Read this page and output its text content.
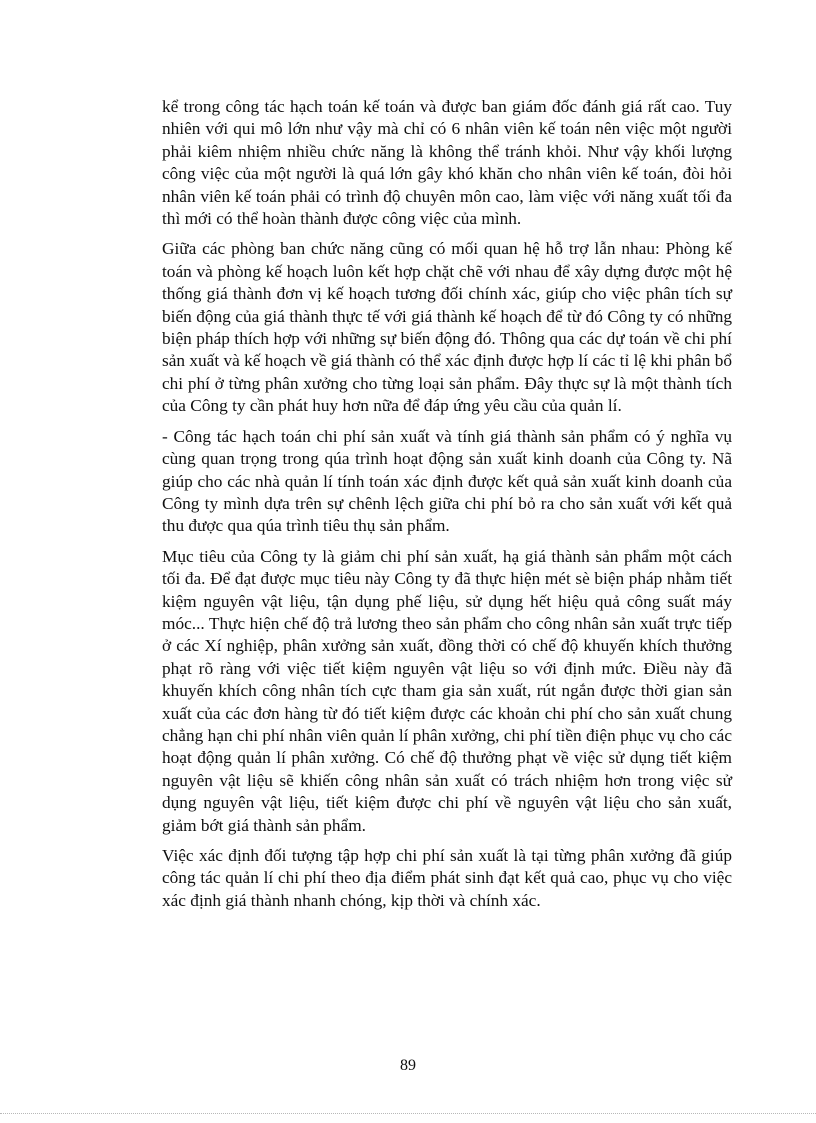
kể trong công tác hạch toán kế toán và được ban giám đốc đánh giá rất cao. Tuy nhiên với qui mô lớn như vậy mà chỉ có 6 nhân viên kế toán nên việc một người phải kiêm nhiệm nhiều chức năng là không thể tránh khỏi. Như vậy khối lượng công việc của một người là quá lớn gây khó khăn cho nhân viên kế toán, đòi hỏi nhân viên kế toán phải có trình độ chuyên môn cao, làm việc với năng xuất tối đa thì mới có thể hoàn thành được công việc của mình.

Giữa các phòng ban chức năng cũng có mối quan hệ hỗ trợ lẫn nhau: Phòng kế toán và phòng kế hoạch luôn kết hợp chặt chẽ với nhau để xây dựng được một hệ thống giá thành đơn vị kế hoạch tương đối chính xác, giúp cho việc phân tích sự biến động của giá thành thực tế với giá thành kế hoạch để từ đó Công ty có những biện pháp thích hợp với những sự biến động đó. Thông qua các dự toán về chi phí sản xuất và kế hoạch về giá thành có thể xác định được hợp lí các tỉ lệ khi phân bổ chi phí ở từng phân xưởng cho từng loại sản phẩm. Đây thực sự là một thành tích của Công ty cần phát huy hơn nữa để đáp ứng yêu cầu của quản lí.

- Công tác hạch toán chi phí sản xuất và tính giá thành sản phẩm có ý nghĩa vụ cùng quan trọng trong qúa trình hoạt động sản xuất kinh doanh của Công ty. Nã giúp cho các nhà quản lí tính toán xác định được kết quả sản xuất kinh doanh của Công ty mình dựa trên sự chênh lệch giữa chi phí bỏ ra cho sản xuất với kết quả thu được qua qúa trình tiêu thụ sản phẩm.

Mục tiêu của Công ty là giảm chi phí sản xuất, hạ giá thành sản phẩm một cách tối đa. Để đạt được mục tiêu này Công ty đã thực hiện mét sè biện pháp nhằm tiết kiệm nguyên vật liệu, tận dụng phế liệu, sử dụng hết hiệu quả công suất máy móc... Thực hiện chế độ trả lương theo sản phẩm cho công nhân sản xuất trực tiếp ở các Xí nghiệp, phân xưởng sản xuất, đồng thời có chế độ khuyến khích thưởng phạt rõ ràng với việc tiết kiệm nguyên vật liệu so với định mức. Điều này đã khuyến khích công nhân tích cực tham gia sản xuất, rút ngắn được thời gian sản xuất của các đơn hàng từ đó tiết kiệm được các khoản chi phí cho sản xuất chung chẳng hạn chi phí nhân viên quản lí phân xưởng, chi phí tiền điện phục vụ cho các hoạt động quản lí phân xưởng. Có chế độ thưởng phạt về việc sử dụng tiết kiệm nguyên vật liệu sẽ khiến công nhân sản xuất có trách nhiệm hơn trong việc sử dụng nguyên vật liệu, tiết kiệm được chi phí về nguyên vật liệu cho sản xuất, giảm bớt giá thành sản phẩm.

Việc xác định đối tượng tập hợp chi phí sản xuất là tại từng phân xưởng đã giúp công tác quản lí chi phí theo địa điểm phát sinh đạt kết quả cao, phục vụ cho việc xác định giá thành nhanh chóng, kịp thời và chính xác.

89
